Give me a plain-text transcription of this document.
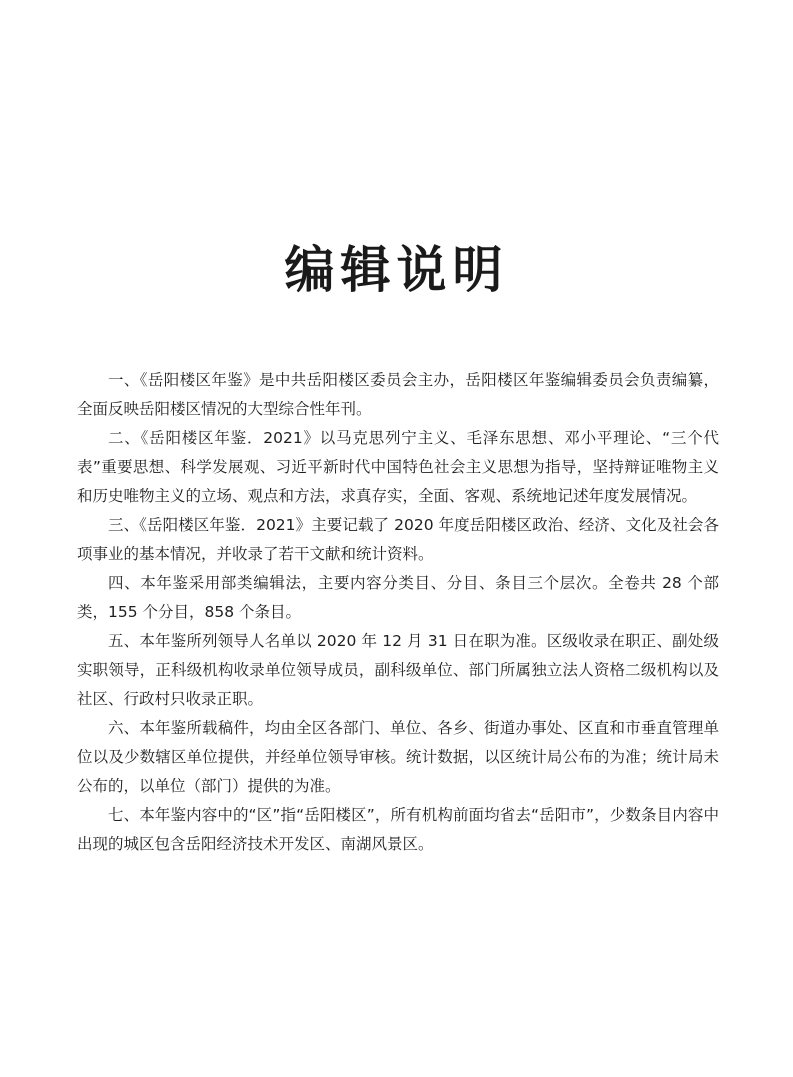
编辑说明

一、《岳阳楼区年鉴》是中共岳阳楼区委员会主办，岳阳楼区年鉴编辑委员会负责编纂，全面反映岳阳楼区情况的大型综合性年刊。

二、《岳阳楼区年鉴．2021》以马克思列宁主义、毛泽东思想、邓小平理论、“三个代表”重要思想、科学发展观、习近平新时代中国特色社会主义思想为指导，坚持辩证唯物主义和历史唯物主义的立场、观点和方法，求真存实，全面、客观、系统地记述年度发展情况。

三、《岳阳楼区年鉴．2021》主要记载了 2020 年度岳阳楼区政治、经济、文化及社会各项事业的基本情况，并收录了若干文献和统计资料。

四、本年鉴采用部类编辑法，主要内容分类目、分目、条目三个层次。全卷共 28 个部类，155 个分目，858 个条目。

五、本年鉴所列领导人名单以 2020 年 12 月 31 日在职为准。区级收录在职正、副处级实职领导，正科级机构收录单位领导成员，副科级单位、部门所属独立法人资格二级机构以及社区、行政村只收录正职。

六、本年鉴所载稿件，均由全区各部门、单位、各乡、街道办事处、区直和市垂直管理单位以及少数辖区单位提供，并经单位领导审核。统计数据，以区统计局公布的为准；统计局未公布的，以单位（部门）提供的为准。

七、本年鉴内容中的“区”指“岳阳楼区”，所有机构前面均省去“岳阳市”，少数条目内容中出现的城区包含岳阳经济技术开发区、南湖风景区。
